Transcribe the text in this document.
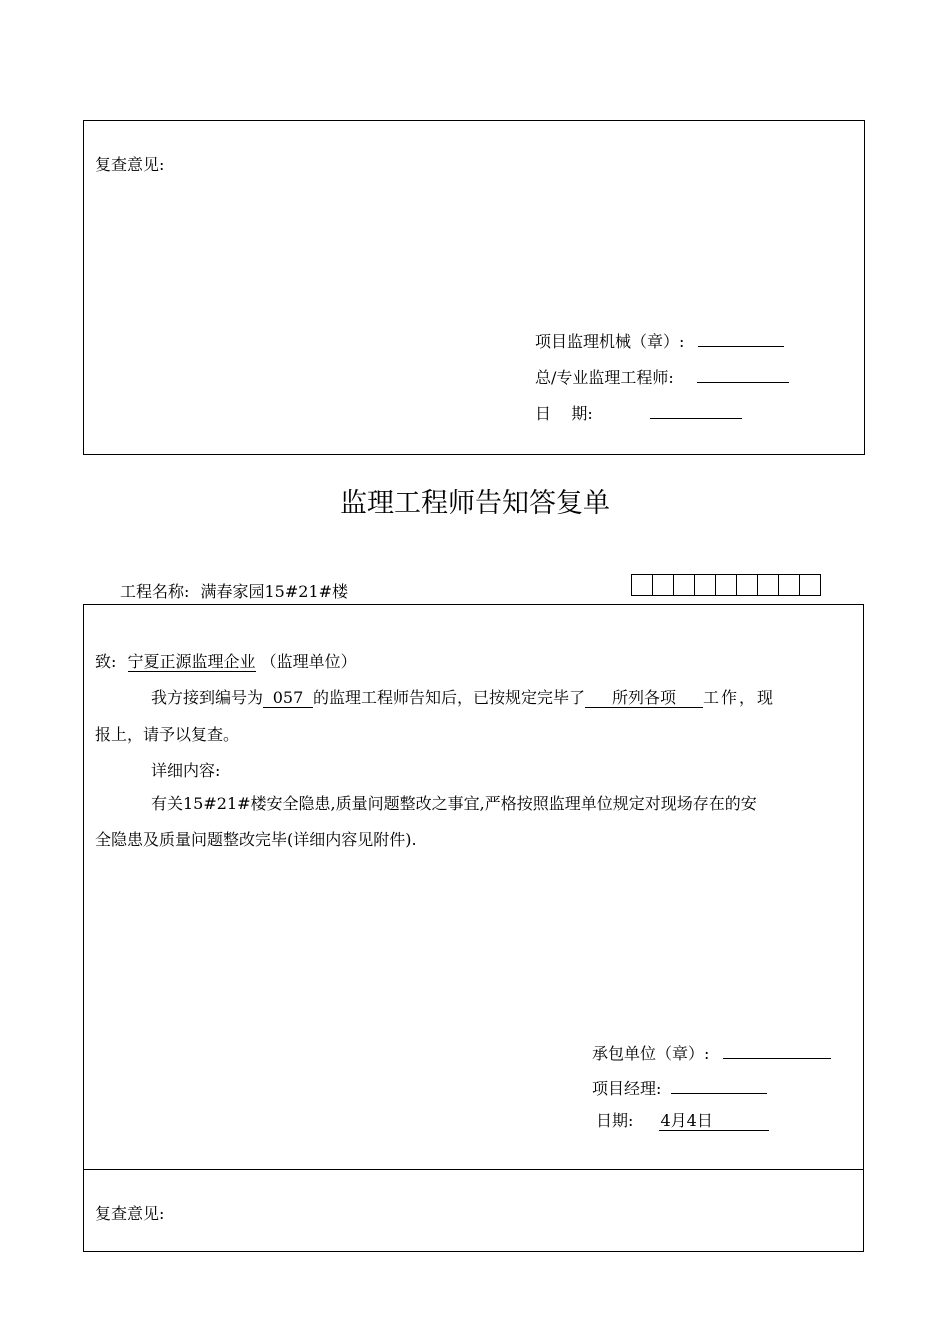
复查意见:
项目监理机械（章）:
总/专业监理工程师:
日    期:
监理工程师告知答复单
工程名称: 满春家园15#21#楼
致: 宁夏正源监理企业 （监理单位）
我方接到编号为 057 的监理工程师告知后，已按规定完毕了 所列各项 工作，现
报上，请予以复查。
详细内容:
有关15#21#楼安全隐患,质量问题整改之事宜,严格按照监理单位规定对现场存在的安
全隐患及质量问题整改完毕(详细内容见附件).
承包单位（章）:
项目经理:
日期: 4月4日
复查意见:
